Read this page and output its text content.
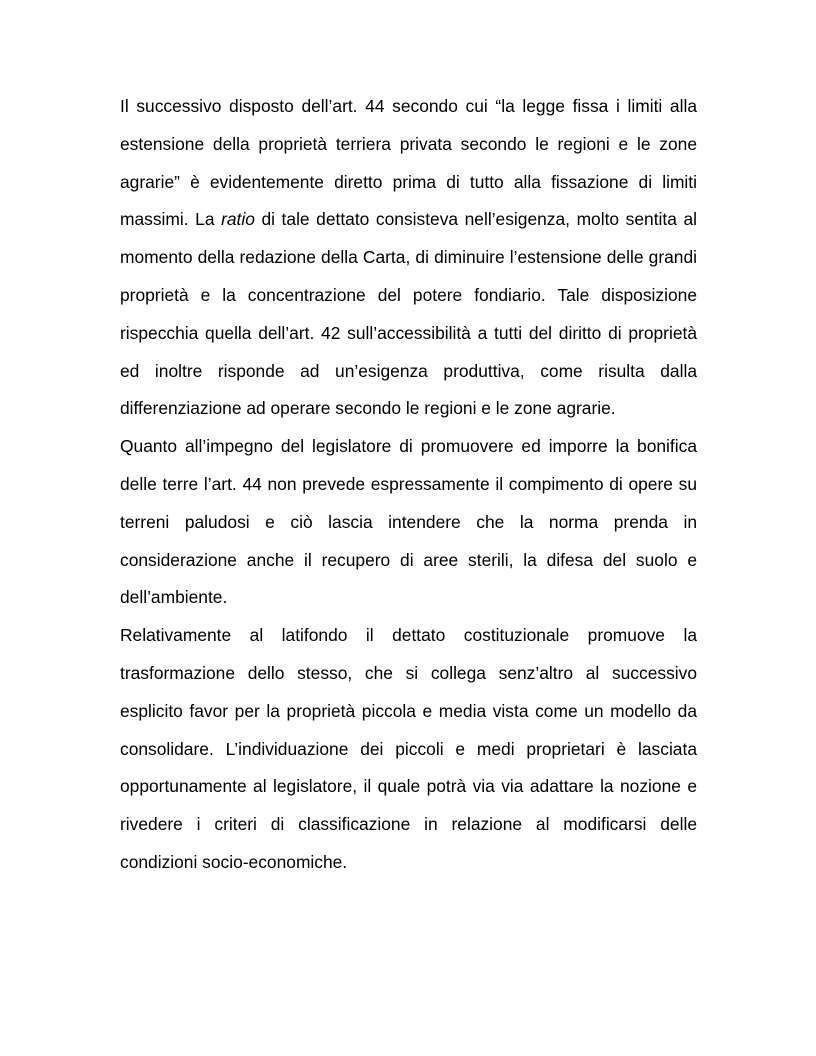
Il successivo disposto dell’art. 44 secondo cui “la legge fissa i limiti alla estensione della proprietà terriera privata secondo le regioni e le zone agrarie” è evidentemente diretto prima di tutto alla fissazione di limiti massimi. La ratio di tale dettato consisteva nell’esigenza, molto sentita al momento della redazione della Carta, di diminuire l’estensione delle grandi proprietà e la concentrazione del potere fondiario. Tale disposizione rispecchia quella dell’art. 42 sull’accessibilità a tutti del diritto di proprietà ed inoltre risponde ad un’esigenza produttiva, come risulta dalla differenziazione ad operare secondo le regioni e le zone agrarie.

Quanto all’impegno del legislatore di promuovere ed imporre la bonifica delle terre l’art. 44 non prevede espressamente il compimento di opere su terreni paludosi e ciò lascia intendere che la norma prenda in considerazione anche il recupero di aree sterili, la difesa del suolo e dell’ambiente.

Relativamente al latifondo il dettato costituzionale promuove la trasformazione dello stesso, che si collega senz’altro al successivo esplicito favor per la proprietà piccola e media vista come un modello da consolidare. L’individuazione dei piccoli e medi proprietari è lasciata opportunamente al legislatore, il quale potrà via via adattare la nozione e rivedere i criteri di classificazione in relazione al modificarsi delle condizioni socio-economiche.
